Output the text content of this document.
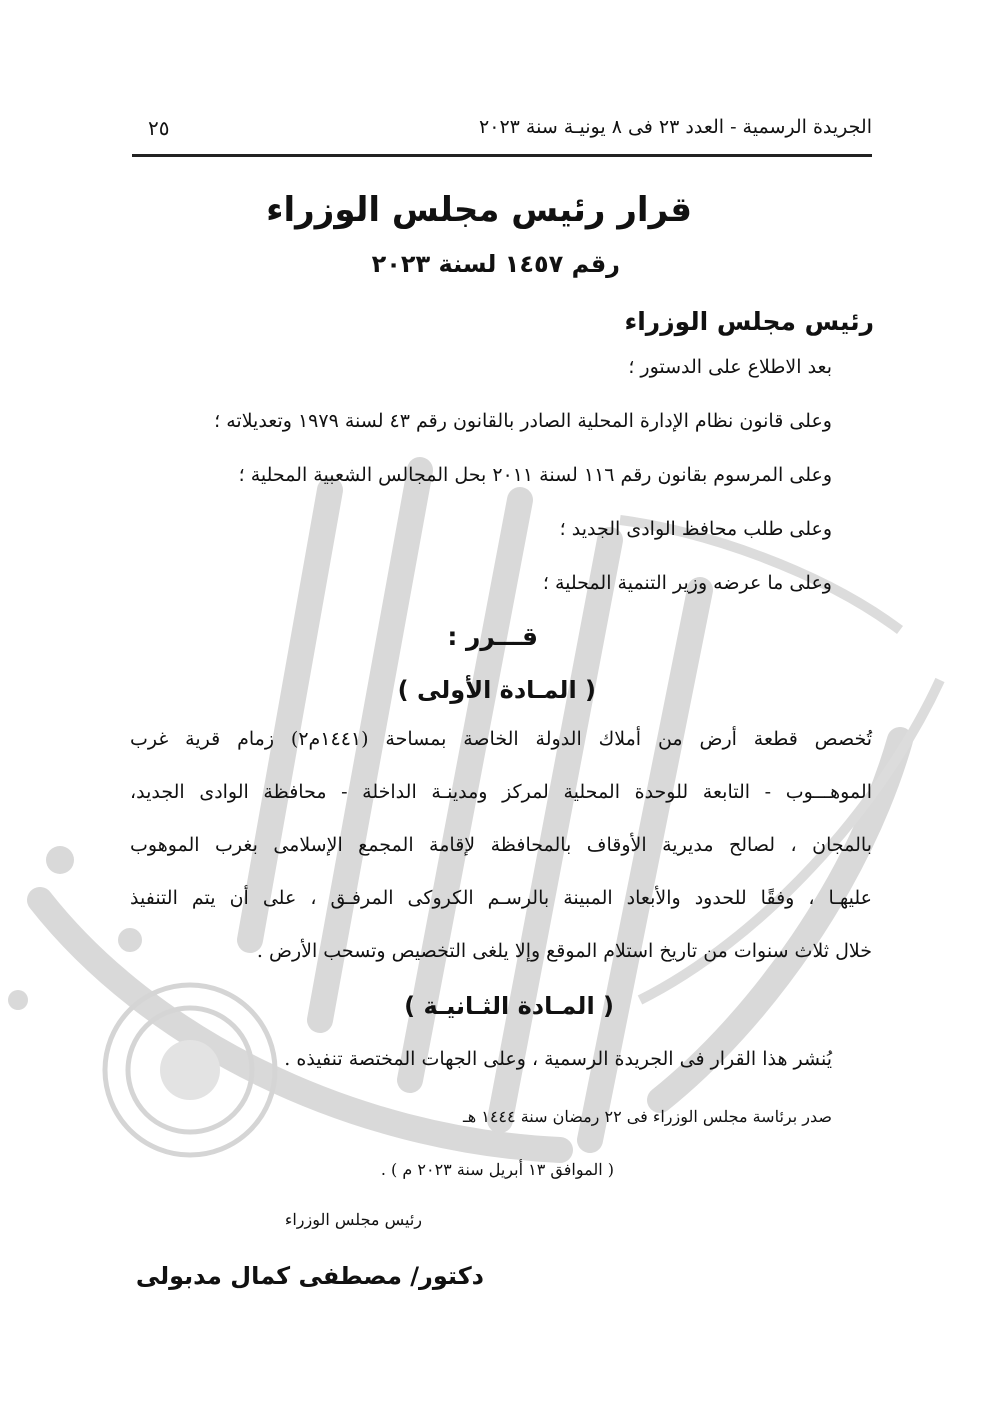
الجريدة الرسمية - العدد ٢٣ فى ٨ يونيـة سنة ٢٠٢٣
٢٥
قرار رئيس مجلس الوزراء
رقم ١٤٥٧ لسنة ٢٠٢٣
رئيس مجلس الوزراء
بعد الاطلاع على الدستور ؛
وعلى قانون نظام الإدارة المحلية الصادر بالقانون رقم ٤٣ لسنة ١٩٧٩ وتعديلاته ؛
وعلى المرسوم بقانون رقم ١١٦ لسنة ٢٠١١ بحل المجالس الشعبية المحلية ؛
وعلى طلب محافظ الوادى الجديد ؛
وعلى ما عرضه وزير التنمية المحلية ؛
قـــرر :
( المـادة الأولى )
تُخصص قطعة أرض من أملاك الدولة الخاصة بمساحة (١٤٤١م٢) زمام قرية غرب
الموهـــوب - التابعة للوحدة المحلية لمركز ومدينـة الداخلة - محافظة الوادى الجديد،
بالمجان ، لصالح مديرية الأوقاف بالمحافظة لإقامة المجمع الإسلامى بغرب الموهوب
عليهـا ، وفقًا للحدود والأبعاد المبينة بالرسـم الكروكى المرفـق ، على أن يتم التنفيذ
خلال ثلاث سنوات من تاريخ استلام الموقع وإلا يلغى التخصيص وتسحب الأرض .
( المـادة الثـانيـة )
يُنشر هذا القرار فى الجريدة الرسمية ، وعلى الجهات المختصة تنفيذه .
صدر برئاسة مجلس الوزراء فى ٢٢ رمضان سنة ١٤٤٤ هـ
( الموافق ١٣ أبريل سنة ٢٠٢٣ م ) .
رئيس مجلس الوزراء
دكتور/ مصطفى كمال مدبولى
